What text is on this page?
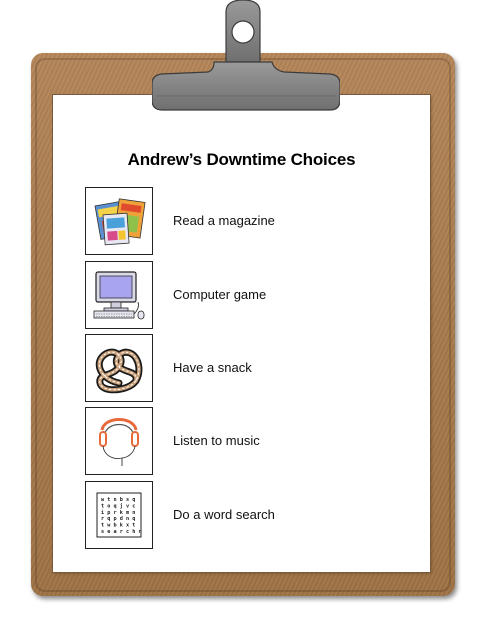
Andrew’s Downtime Choices
Read a magazine
Computer game
Have a snack
Listen to music
w t n b s q
t o q j v c
i p r k m n
r q p d n q
t w b k x t
s e a r c h n
Do a word search
